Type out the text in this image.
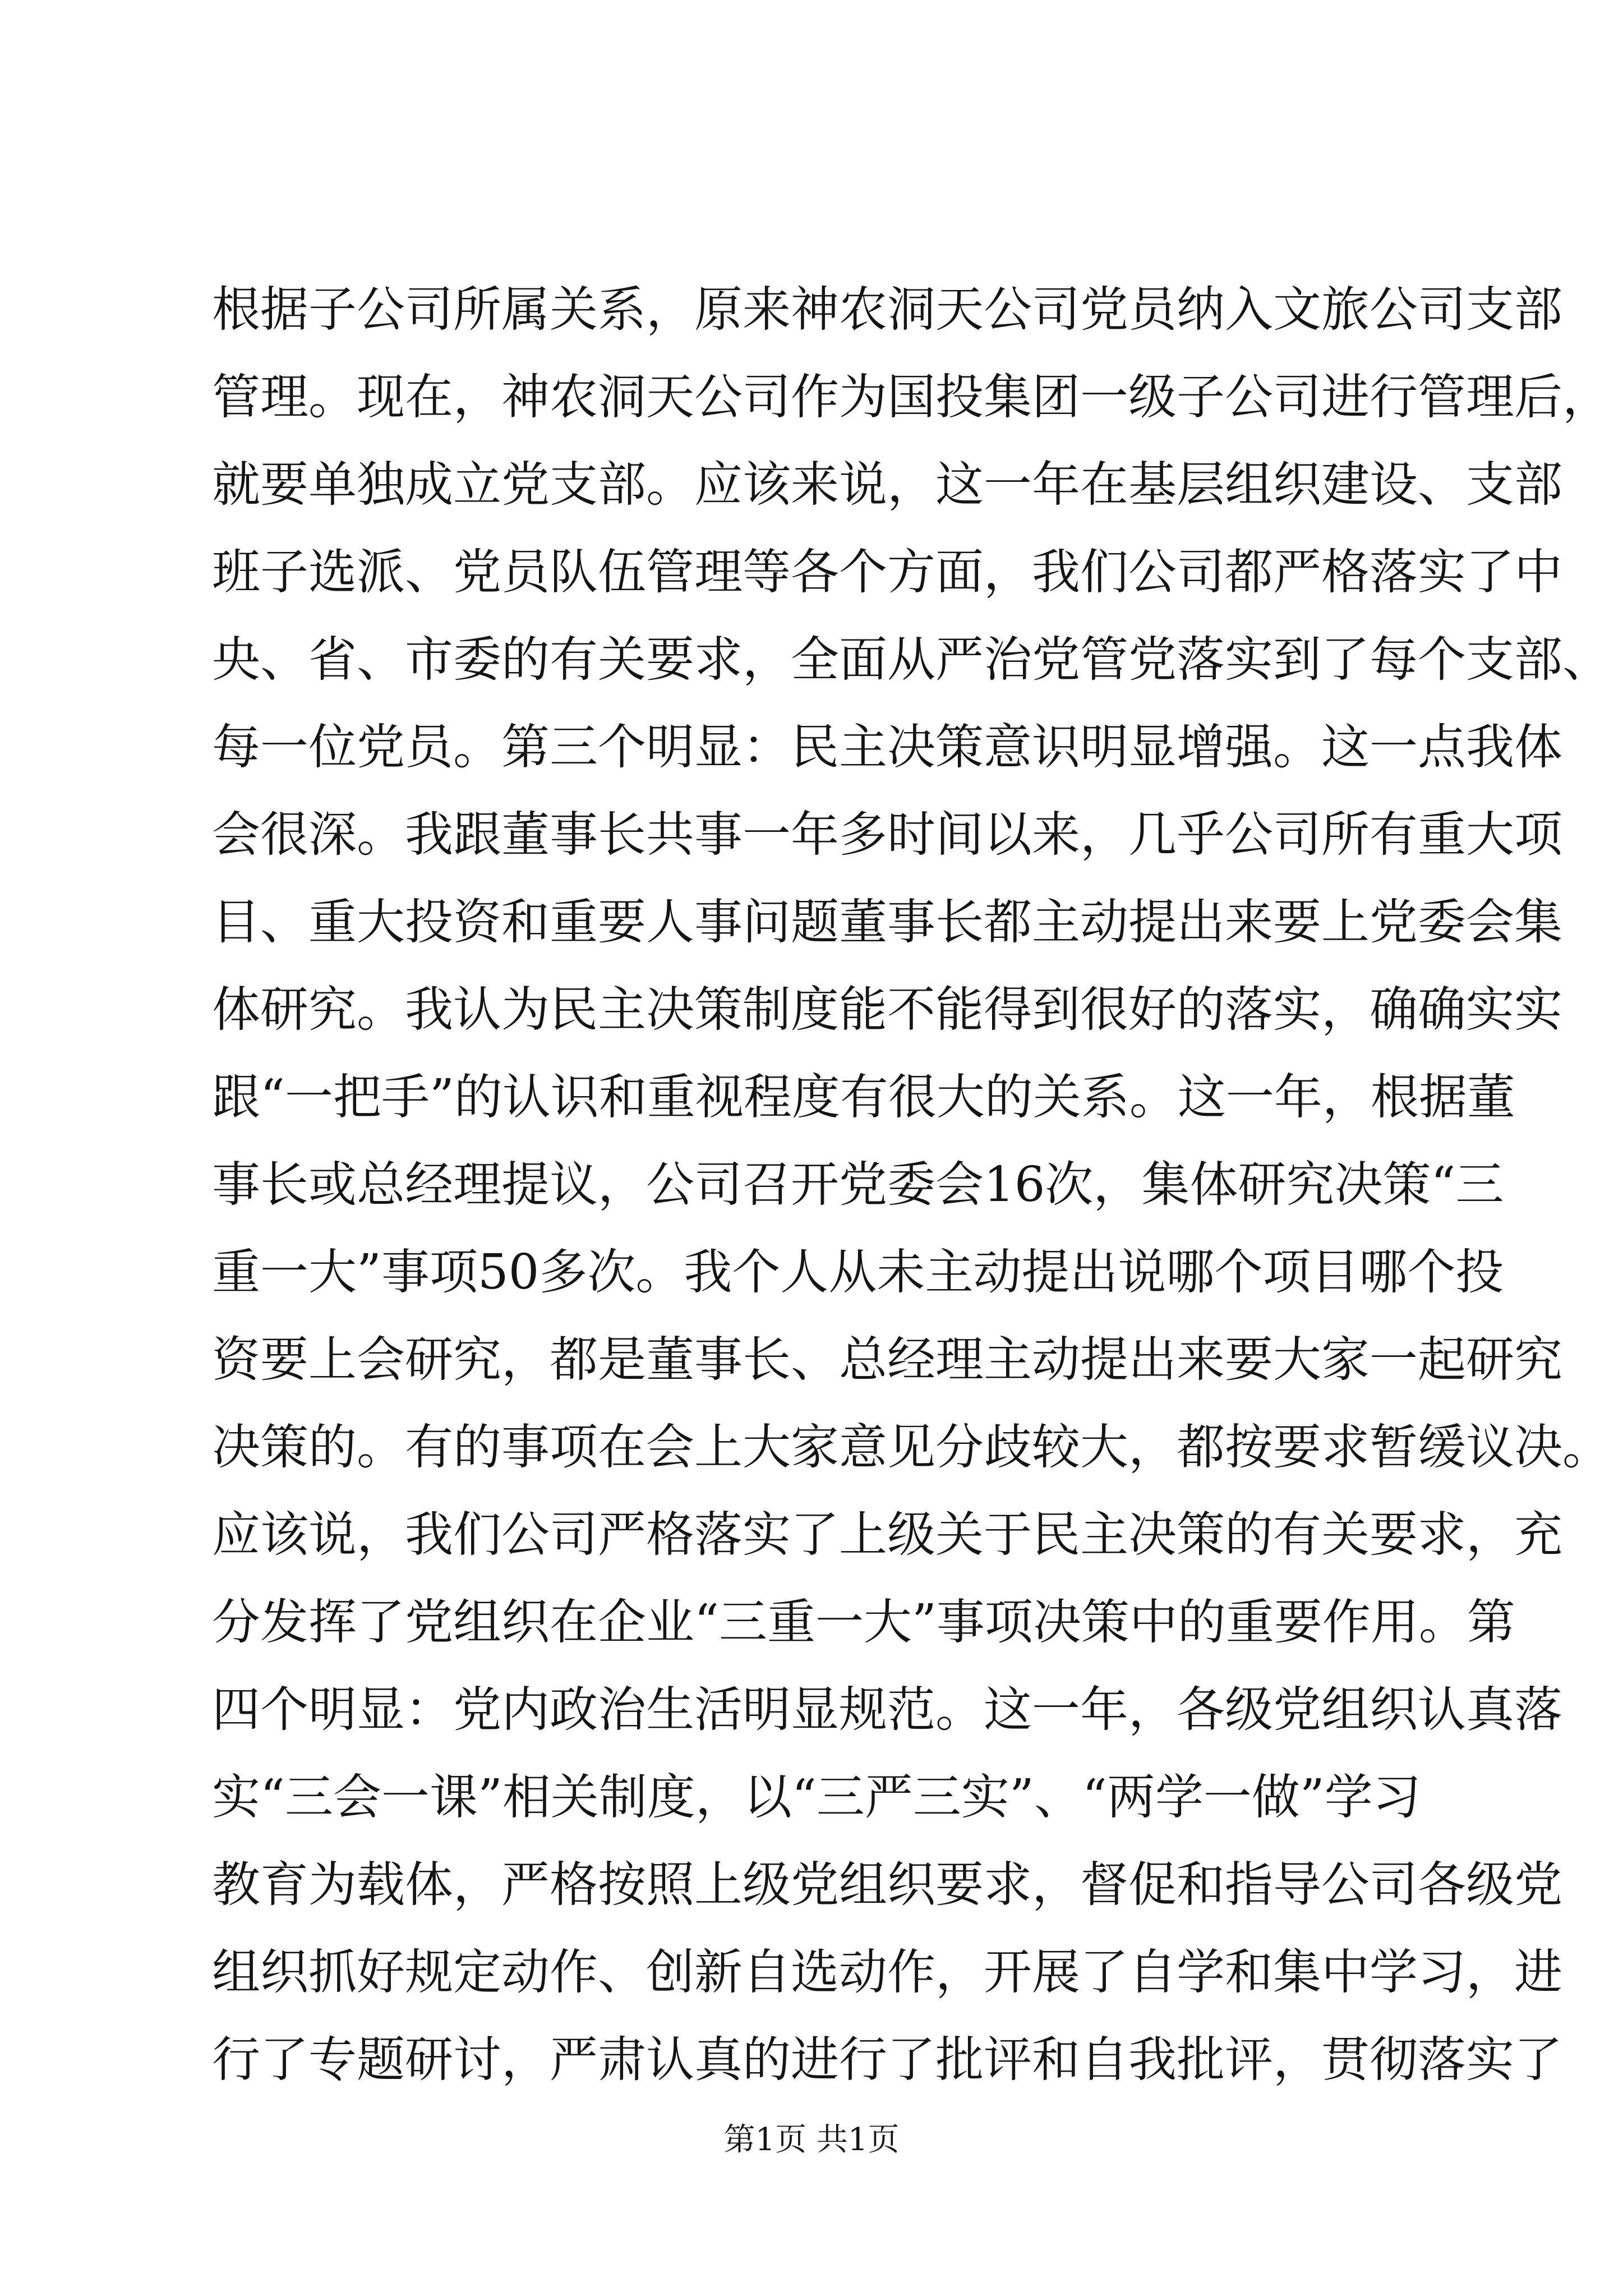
根据子公司所属关系，原来神农洞天公司党员纳入文旅公司支部
管理。现在，神农洞天公司作为国投集团一级子公司进行管理后，
就要单独成立党支部。应该来说，这一年在基层组织建设、支部
班子选派、党员队伍管理等各个方面，我们公司都严格落实了中
央、省、市委的有关要求，全面从严治党管党落实到了每个支部、
每一位党员。第三个明显：民主决策意识明显增强。这一点我体
会很深。我跟董事长共事一年多时间以来，几乎公司所有重大项
目、重大投资和重要人事问题董事长都主动提出来要上党委会集
体研究。我认为民主决策制度能不能得到很好的落实，确确实实
跟“一把手”的认识和重视程度有很大的关系。这一年，根据董
事长或总经理提议，公司召开党委会16次，集体研究决策“三
重一大”事项50多次。我个人从未主动提出说哪个项目哪个投
资要上会研究，都是董事长、总经理主动提出来要大家一起研究
决策的。有的事项在会上大家意见分歧较大，都按要求暂缓议决。
应该说，我们公司严格落实了上级关于民主决策的有关要求，充
分发挥了党组织在企业“三重一大”事项决策中的重要作用。第
四个明显：党内政治生活明显规范。这一年，各级党组织认真落
实“三会一课”相关制度，以“三严三实”、“两学一做”学习
教育为载体，严格按照上级党组织要求，督促和指导公司各级党
组织抓好规定动作、创新自选动作，开展了自学和集中学习，进
行了专题研讨，严肃认真的进行了批评和自我批评，贯彻落实了
第1页 共1页
